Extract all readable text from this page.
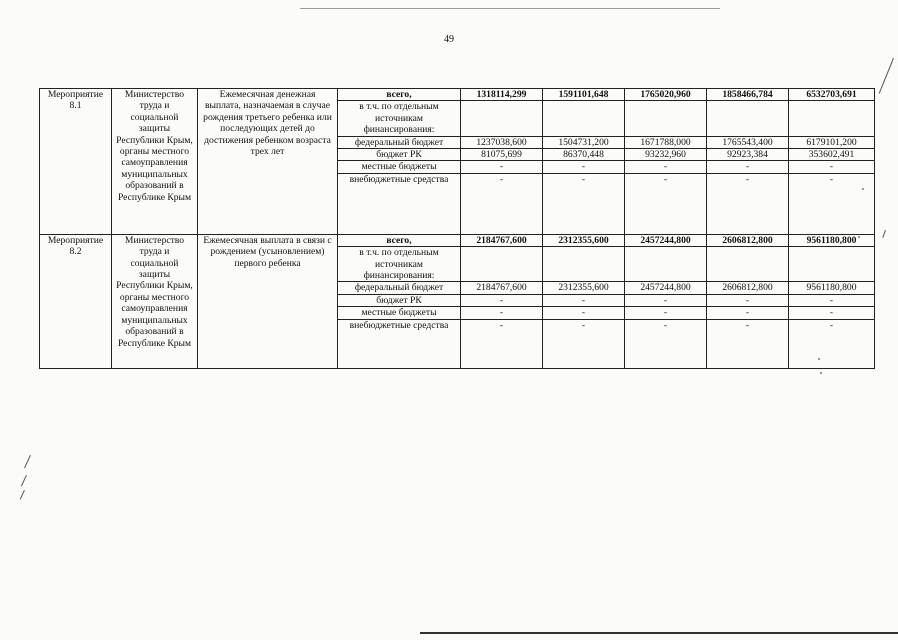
49
Мероприятие 8.1	Министерство труда и социальной защиты Республики Крым, органы местного самоуправления муниципальных образований в Республике Крым	Ежемесячная денежная выплата, назначаемая в случае рождения третьего ребенка или последующих детей до достижения ребенком возраста трех лет	всего,	1318114,299	1591101,648	1765020,960	1858466,784	6532703,691
			в т.ч. по отдельным источникам финансирования:					
			федеральный бюджет	1237038,600	1504731,200	1671788,000	1765543,400	6179101,200
			бюджет РК	81075,699	86370,448	93232,960	92923,384	353602,491
			местные бюджеты	-	-	-	-	-
			внебюджетные средства	-	-	-	-	-
Мероприятие 8.2	Министерство труда и социальной защиты Республики Крым, органы местного самоуправления муниципальных образований в Республике Крым	Ежемесячная выплата в связи с рождением (усыновлением) первого ребенка	всего,	2184767,600	2312355,600	2457244,800	2606812,800	9561180,800
			в т.ч. по отдельным источникам финансирования:					
			федеральный бюджет	2184767,600	2312355,600	2457244,800	2606812,800	9561180,800
			бюджет РК	-	-	-	-	-
			местные бюджеты	-	-	-	-	-
			внебюджетные средства	-	-	-	-	-
